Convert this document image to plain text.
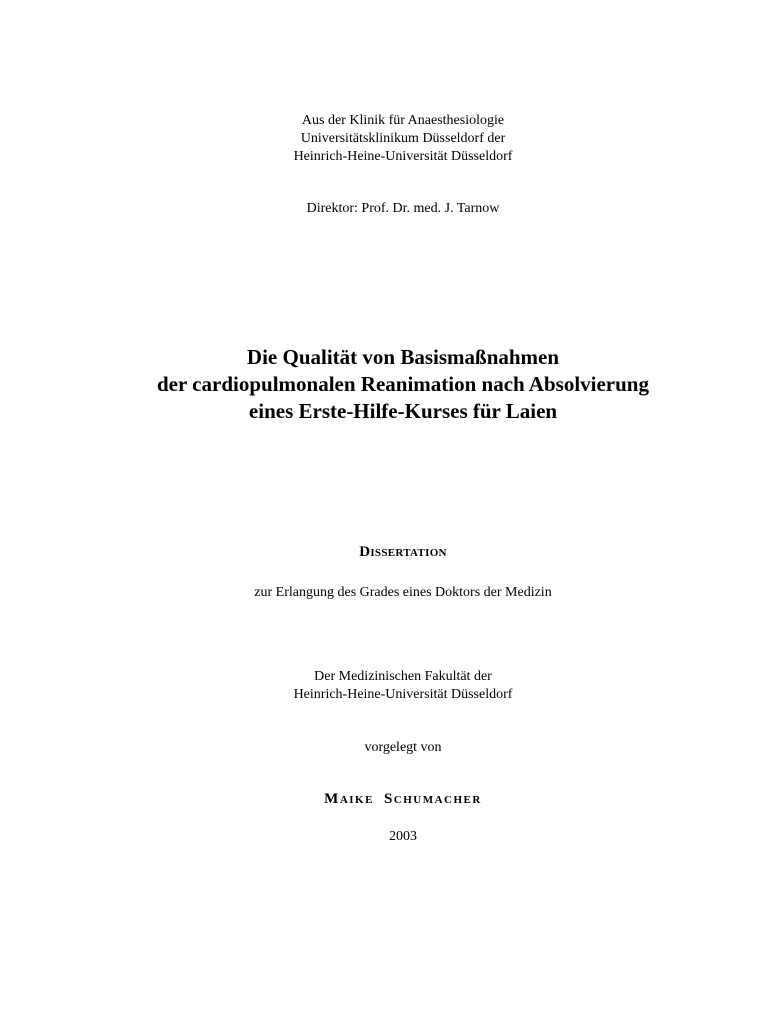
Aus der Klinik für Anaesthesiologie
Universitätsklinikum Düsseldorf der
Heinrich-Heine-Universität Düsseldorf
Direktor: Prof. Dr. med. J. Tarnow
Die Qualität von Basismaßnahmen
der cardiopulmonalen Reanimation nach Absolvierung
eines Erste-Hilfe-Kurses für Laien
DISSERTATION
zur Erlangung des Grades eines Doktors der Medizin
Der Medizinischen Fakultät der
Heinrich-Heine-Universität Düsseldorf
vorgelegt von
MAIKE SCHUMACHER
2003
